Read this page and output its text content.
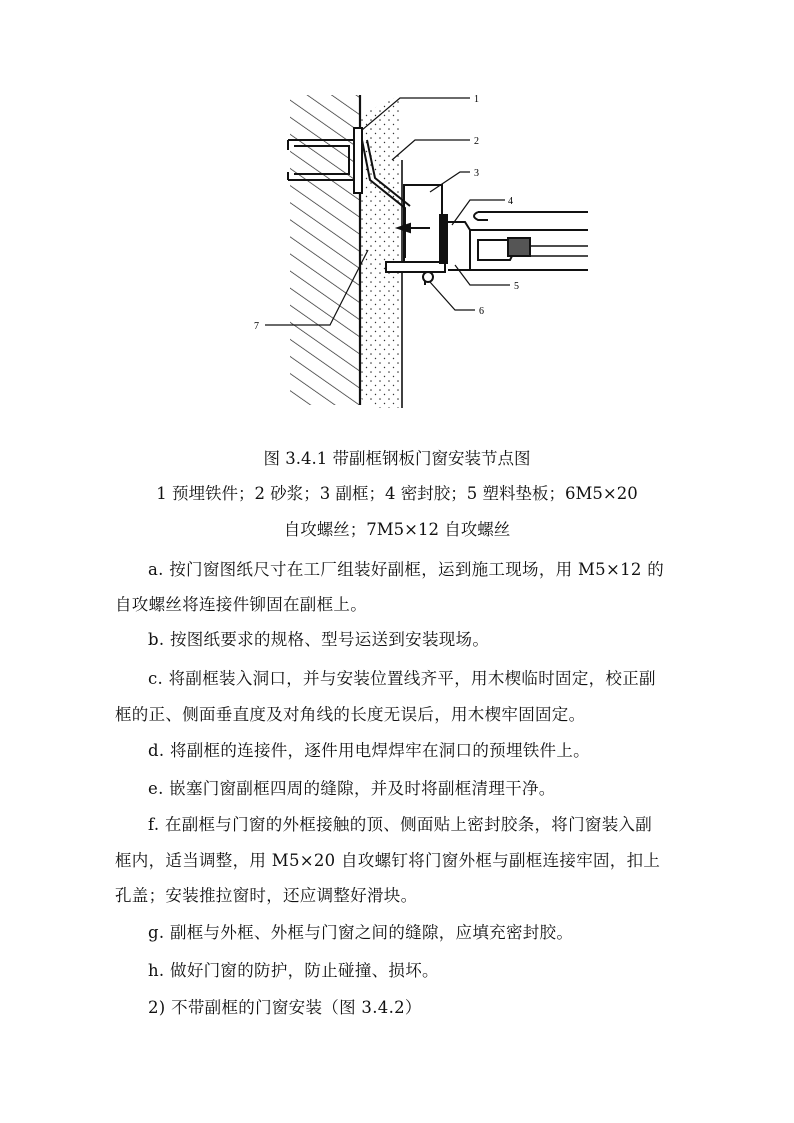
1
2
3
4
5
6
7
图 3.4.1 带副框钢板门窗安装节点图
1 预埋铁件；2 砂浆；3 副框；4 密封胶；5 塑料垫板；6M5×20
自攻螺丝；7M5×12 自攻螺丝
a. 按门窗图纸尺寸在工厂组装好副框，运到施工现场，用 M5×12 的
自攻螺丝将连接件铆固在副框上。
b. 按图纸要求的规格、型号运送到安装现场。
c. 将副框装入洞口，并与安装位置线齐平，用木楔临时固定，校正副
框的正、侧面垂直度及对角线的长度无误后，用木楔牢固固定。
d. 将副框的连接件，逐件用电焊焊牢在洞口的预埋铁件上。
e. 嵌塞门窗副框四周的缝隙，并及时将副框清理干净。
f. 在副框与门窗的外框接触的顶、侧面贴上密封胶条，将门窗装入副
框内，适当调整，用 M5×20 自攻螺钉将门窗外框与副框连接牢固，扣上
孔盖；安装推拉窗时，还应调整好滑块。
g. 副框与外框、外框与门窗之间的缝隙，应填充密封胶。
h. 做好门窗的防护，防止碰撞、损坏。
2) 不带副框的门窗安装（图 3.4.2）
